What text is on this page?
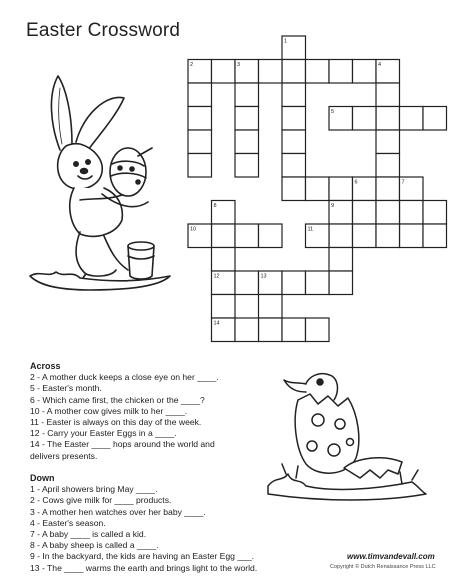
Easter Crossword
1
2	3	4
5
6	7
8	9
10	11
12	13
14
Across
2 - A mother duck keeps a close eye on her ____.
5 - Easter's month.
6 - Which came first, the chicken or the ____?
10 - A mother cow gives milk to her ____.
11 - Easter is always on this day of the week.
12 - Carry your Easter Eggs in a ____.
14 - The Easter ____ hops around the world and
delivers presents.
Down
1 - April showers bring May ____.
2 - Cows give milk for ____ products.
3 - A mother hen watches over her baby ____.
4 - Easter's season.
7 - A baby ____ is called a kid.
8 - A baby sheep is called a ____.
9 - In the backyard, the kids are having an Easter Egg ___.
13 - The ____ warms the earth and brings light to the world.
www.timvandevall.com
Copyright © Dutch Renaissance Press LLC
